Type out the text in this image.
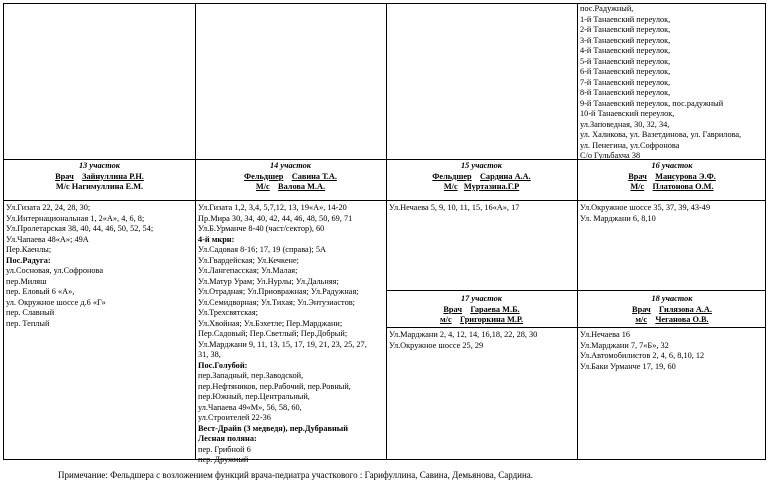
пос.Радужный,
1-й Танаевский переулок,
2-й Танаевский переулок,
3-й Танаевский переулок,
4-й Танаевский переулок,
5-й Танаевский переулок,
6-й Танаевский переулок,
7-й Танаевский переулок,
8-й Танаевский переулок,
9-й Танаевский переулок, пос.радужный
10-й Танаевский переулок,
ул.Заповедная, 30, 32, 34,
ул. Халикова, ул. Вазетдинова, ул. Гаврилова,
ул. Пенегина, ул.Софронова
С/о Гульбахча 38
13 участок
Врач Зайнуллина Р.Н.
М/с Нагимуллина Е.М.
14 участок
Фельдшер Савина Т.А.
М/с Валова М.А.
15 участок
Фельдшер Сардина А.А.
М/с Муртазина.Г.Р
16 участок
Врач Мансурова Э.Ф.
М/с Платонова О.М.
Ул.Гизата 22, 24, 28, 30;
Ул.Интернациональная 1, 2«А», 4, 6, 8;
Ул.Пролетарская 38, 40, 44, 46, 50, 52, 54;
Ул.Чапаева 48«А»; 49А
Пер.Каенлы;
Пос.Радуга:
ул.Сосновая, ул.Софронова
пер.Миляш
пер. Еловый 6 «А»,
ул. Окружное шоссе д.6 «Г»
пер. Славный
пер. Теплый
Ул.Гизата 1,2, 3,4, 5,7,12, 13, 19«А», 14-20
Пр.Мира 30, 34, 40, 42, 44, 46, 48, 50, 69, 71
Ул.Б.Урманче 8-40 (част/сектор), 60
4-й мкрн:
Ул.Садовая 8-16; 17, 19 (справа); 5А
Ул.Гвардейская; Ул.Кечкене;
Ул.Лангепасская; Ул.Малая;
Ул.Матур Урам; Ул.Нурлы; Ул.Дальняя;
Ул.Отрадная; Ул.Приовражная; Ул.Радужная;
Ул.Семидворная; Ул.Тихая; Ул.Энтузиастов;
Ул.Трехсвятская;
Ул.Хвойная; Ул.Бэхетле; Пер.Марджани;
Пер.Садовый; Пер.Светлый; Пер.Добрый;
Ул.Марджани 9, 11, 13, 15, 17, 19, 21, 23, 25, 27,
31, 38,
Пос.Голубой:
пер.Западный, пер.Заводской,
пер.Нефтяников, пер.Рабочий, пер.Ровный,
пер.Южный, пер.Центральный,
ул.Чапаева 49«М», 56, 58, 60,
ул.Строителей 22-36
Вест-Драйв (3 медведя), пер.Дубравный
Лесная поляна:
пер. Грибной 6
пер. Дружный
Ул.Нечаева 5, 9, 10, 11, 15, 16«А», 17	Ул.Окружное шоссе 35, 37, 39, 43-49
Ул. Марджани 6, 8,10
17 участок
Врач Гараева М.Б.
м/с Григоркина М.Р.
18 участок
Врач Гилязова А.А.
м/с Чеганова О.В.
Ул.Марджани 2, 4, 12, 14, 16,18, 22, 28, 30
Ул.Окружное шоссе 25, 29
Ул.Нечаева 16
Ул.Марджани 7, 7«Б», 32
Ул.Автомобилистов 2, 4, 6, 8,10, 12
Ул.Баки Урманче 17, 19, 60
Примечание: Фельдшера с возложением функций врача-педиатра участкового : Гарифуллина, Савина, Демьянова, Сардина.
